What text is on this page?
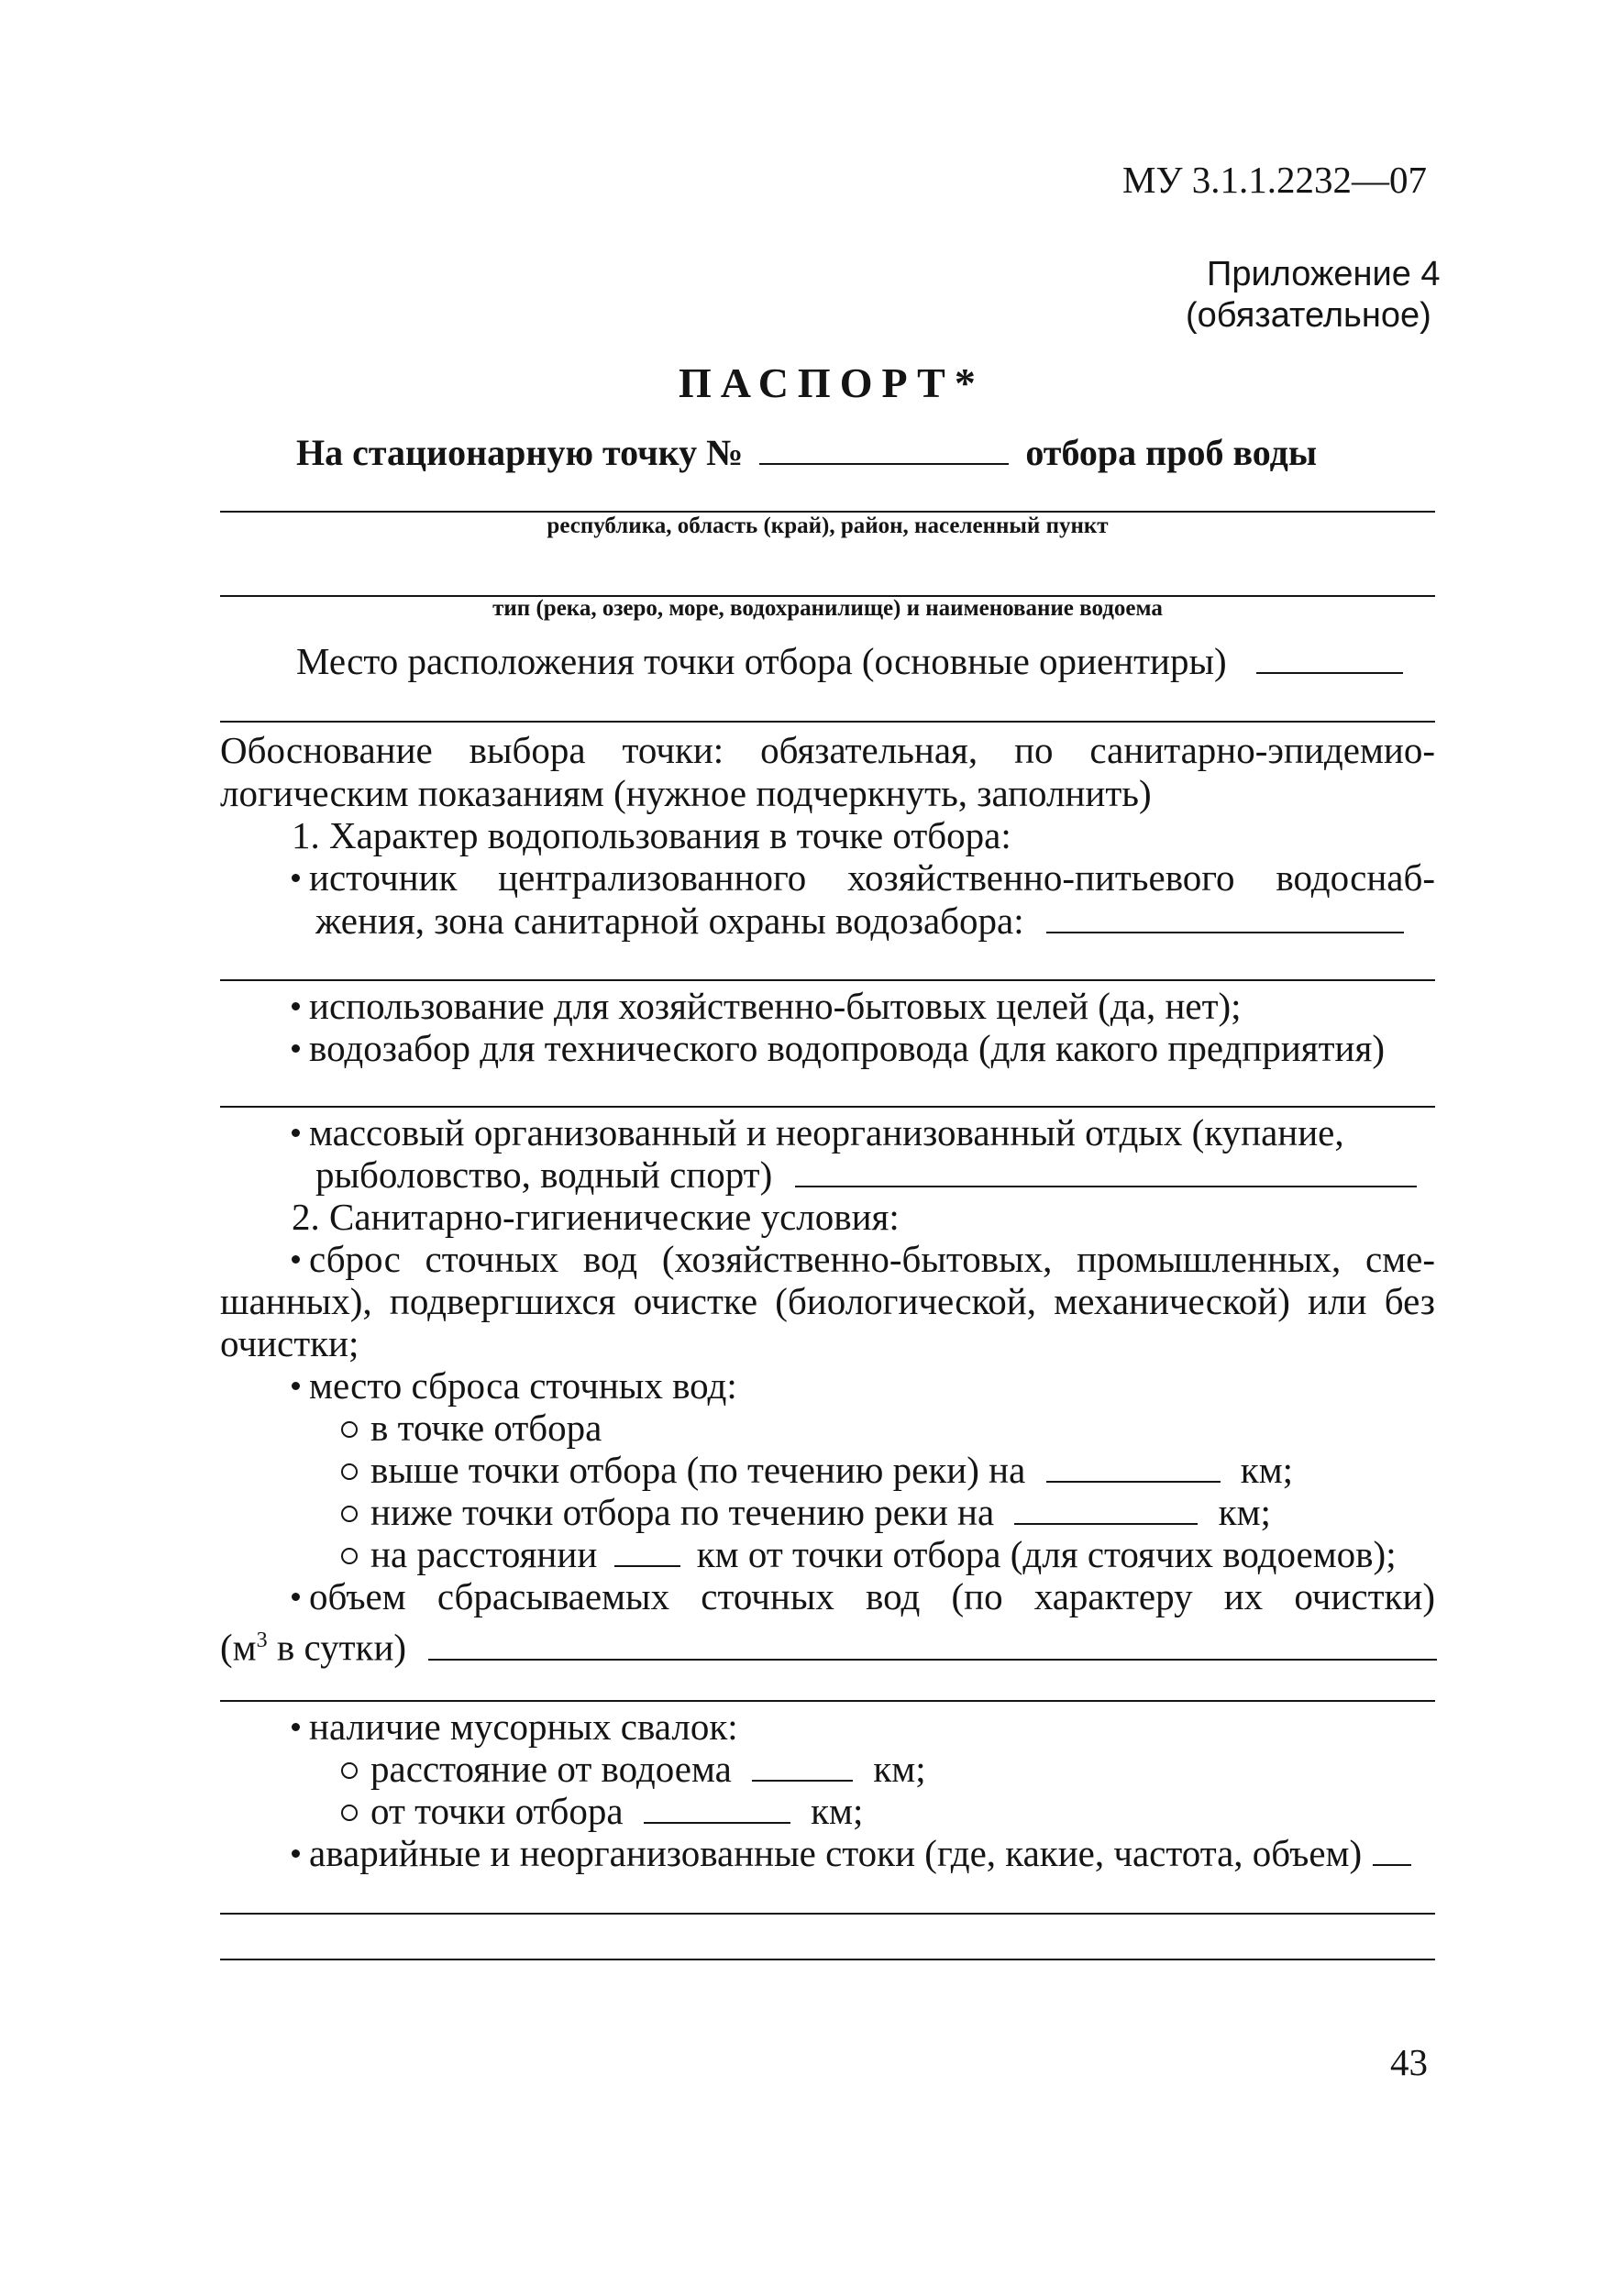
МУ 3.1.1.2232—07
Приложение 4
(обязательное)
ПАСПОРТ*
На стационарную точку №	отбора проб воды
республика, область (край), район, населенный пункт
тип (река, озеро, море, водохранилище) и наименование водоема
Место расположения точки отбора (основные ориентиры)
Обоснование выбора точки: обязательная, по санитарно-эпидемио-
логическим показаниям (нужное подчеркнуть, заполнить)
1. Характер водопользования в точке отбора:
источник централизованного хозяйственно-питьевого водоснаб-
жения, зона санитарной охраны водозабора:
использование для хозяйственно-бытовых целей (да, нет);
водозабор для технического водопровода (для какого предприятия)
массовый организованный и неорганизованный отдых (купание,
рыболовство, водный спорт)
2. Санитарно-гигиенические условия:
сброс сточных вод (хозяйственно-бытовых, промышленных, сме-
шанных), подвергшихся очистке (биологической, механической) или без
очистки;
место сброса сточных вод:
в точке отбора
выше точки отбора (по течению реки) на	км;
ниже точки отбора по течению реки на	км;
на расстоянии	км от точки отбора (для стоячих водоемов);
объем сбрасываемых сточных вод (по характеру их очистки)
($м^3$ в сутки)
наличие мусорных свалок:
расстояние от водоема	км;
от точки отбора	км;
аварийные и неорганизованные стоки (где, какие, частота, объем)
43
